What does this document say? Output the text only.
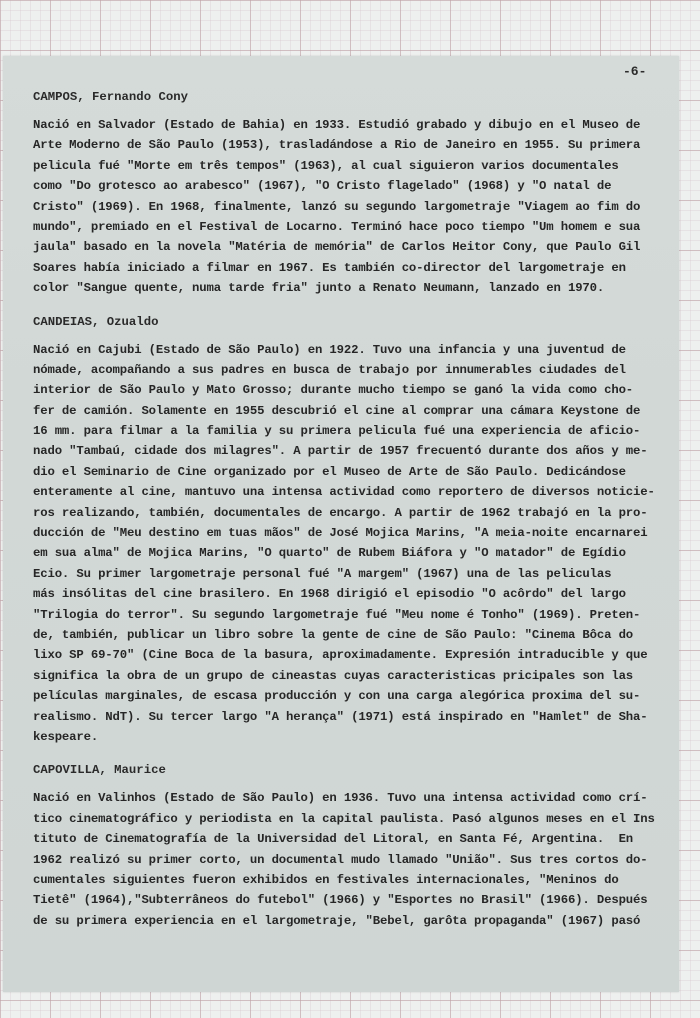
-6-
CAMPOS, Fernando Cony
Nació en Salvador (Estado de Bahia) en 1933. Estudió grabado y dibujo en el Museo de
Arte Moderno de São Paulo (1953), trasladándose a Rio de Janeiro en 1955. Su primera
pelicula fué "Morte em três tempos" (1963), al cual siguieron varios documentales
como "Do grotesco ao arabesco" (1967), "O Cristo flagelado" (1968) y "O natal de
Cristo" (1969). En 1968, finalmente, lanzó su segundo largometraje "Viagem ao fim do
mundo", premiado en el Festival de Locarno. Terminó hace poco tiempo "Um homem e sua
jaula" basado en la novela "Matéria de memória" de Carlos Heitor Cony, que Paulo Gil
Soares había iniciado a filmar en 1967. Es también co-director del largometraje en
color "Sangue quente, numa tarde fria" junto a Renato Neumann, lanzado en 1970.
CANDEIAS, Ozualdo
Nació en Cajubi (Estado de São Paulo) en 1922. Tuvo una infancia y una juventud de
nómade, acompañando a sus padres en busca de trabajo por innumerables ciudades del
interior de São Paulo y Mato Grosso; durante mucho tiempo se ganó la vida como cho-
fer de camión. Solamente en 1955 descubrió el cine al comprar una cámara Keystone de
16 mm. para filmar a la familia y su primera pelicula fué una experiencia de aficio-
nado "Tambaú, cidade dos milagres". A partir de 1957 frecuentó durante dos años y me-
dio el Seminario de Cine organizado por el Museo de Arte de São Paulo. Dedicándose
enteramente al cine, mantuvo una intensa actividad como reportero de diversos noticie-
ros realizando, también, documentales de encargo. A partir de 1962 trabajó en la pro-
ducción de "Meu destino em tuas mãos" de José Mojica Marins, "A meia-noite encarnarei
em sua alma" de Mojica Marins, "O quarto" de Rubem Biáfora y "O matador" de Egídio
Ecio. Su primer largometraje personal fué "A margem" (1967) una de las peliculas
más insólitas del cine brasilero. En 1968 dirigió el episodio "O acôrdo" del largo
"Trilogia do terror". Su segundo largometraje fué "Meu nome é Tonho" (1969). Preten-
de, también, publicar un libro sobre la gente de cine de São Paulo: "Cinema Bôca do
lixo SP 69-70" (Cine Boca de la basura, aproximadamente. Expresión intraducible y que
significa la obra de un grupo de cineastas cuyas caracteristicas pricipales son las
películas marginales, de escasa producción y con una carga alegórica proxima del su-
realismo. NdT). Su tercer largo "A herança" (1971) está inspirado en "Hamlet" de Sha-
kespeare.
CAPOVILLA, Maurice
Nació en Valinhos (Estado de São Paulo) en 1936. Tuvo una intensa actividad como crí-
tico cinematográfico y periodista en la capital paulista. Pasó algunos meses en el Ins
tituto de Cinematografía de la Universidad del Litoral, en Santa Fé, Argentina.  En
1962 realizó su primer corto, un documental mudo llamado "União". Sus tres cortos do-
cumentales siguientes fueron exhibidos en festivales internacionales, "Meninos do
Tietê" (1964),"Subterrâneos do futebol" (1966) y "Esportes no Brasil" (1966). Después
de su primera experiencia en el largometraje, "Bebel, garôta propaganda" (1967) pasó
